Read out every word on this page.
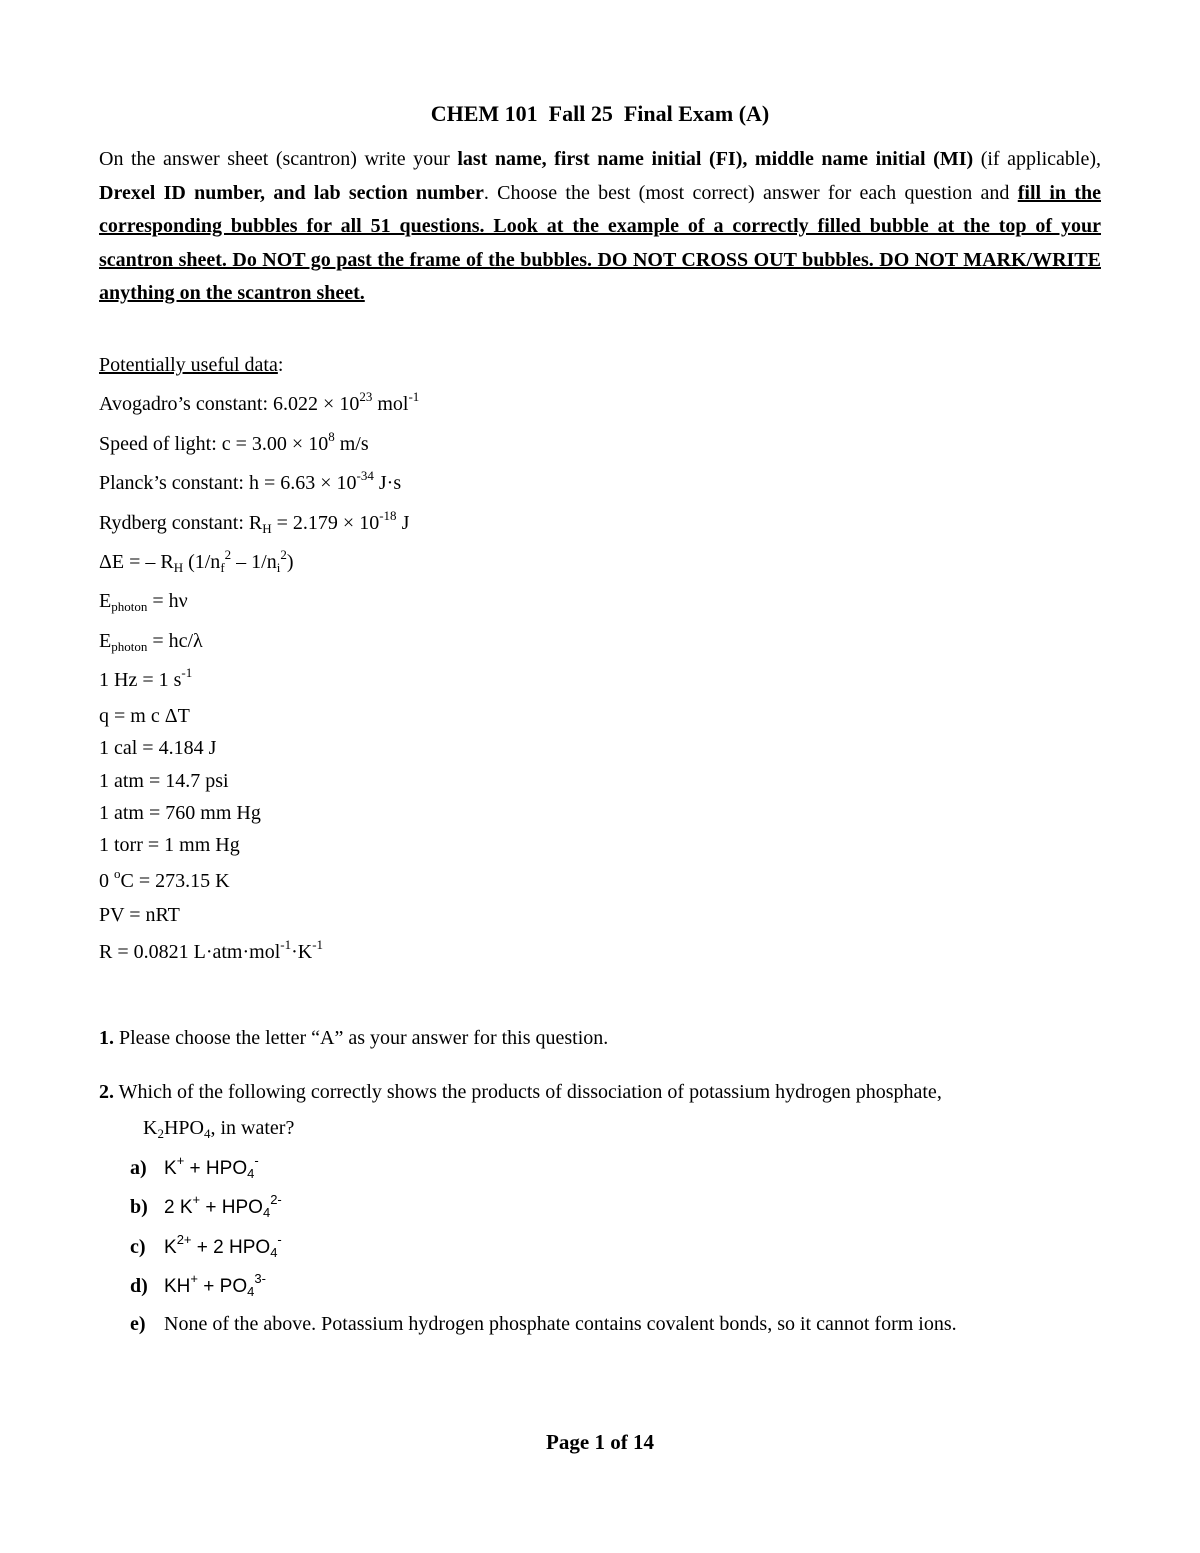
CHEM 101  Fall 25  Final Exam (A)
On the answer sheet (scantron) write your last name, first name initial (FI), middle name initial (MI) (if applicable), Drexel ID number, and lab section number. Choose the best (most correct) answer for each question and fill in the corresponding bubbles for all 51 questions. Look at the example of a correctly filled bubble at the top of your scantron sheet. Do NOT go past the frame of the bubbles. DO NOT CROSS OUT bubbles. DO NOT MARK/WRITE anything on the scantron sheet.
Potentially useful data:
Avogadro’s constant: $6.022 \times 10^{23}$ mol$^{-1}$
Speed of light: $c = 3.00 \times 10^8$ m/s
Planck’s constant: $h = 6.63 \times 10^{-34}$ J·s
Rydberg constant: $R_H = 2.179 \times 10^{-18}$ J
ΔE = – $R_H$ $(1/n_f^2 - 1/n_i^2)$
$E_{photon} = h\nu$
$E_{photon} = hc/\lambda$
1 Hz = 1 $s^{-1}$
q = m c ΔT
1 cal = 4.184 J
1 atm = 14.7 psi
1 atm = 760 mm Hg
1 torr = 1 mm Hg
0 $^o$C = 273.15 K
PV = nRT
R = 0.0821 $L\cdot atm\cdot mol^{-1}\cdot K^{-1}$
1. Please choose the letter “A” as your answer for this question.
2. Which of the following correctly shows the products of dissociation of potassium hydrogen phosphate,
$K_2HPO_4$, in water?
a) $K^+ + HPO_4^-$
b) 2 $K^+ + HPO_4^{2-}$
c) $K^{2+} + 2$ $HPO_4^-$
d) $KH^+ + PO_4^{3-}$
e) None of the above. Potassium hydrogen phosphate contains covalent bonds, so it cannot form ions.
Page 1 of 14
